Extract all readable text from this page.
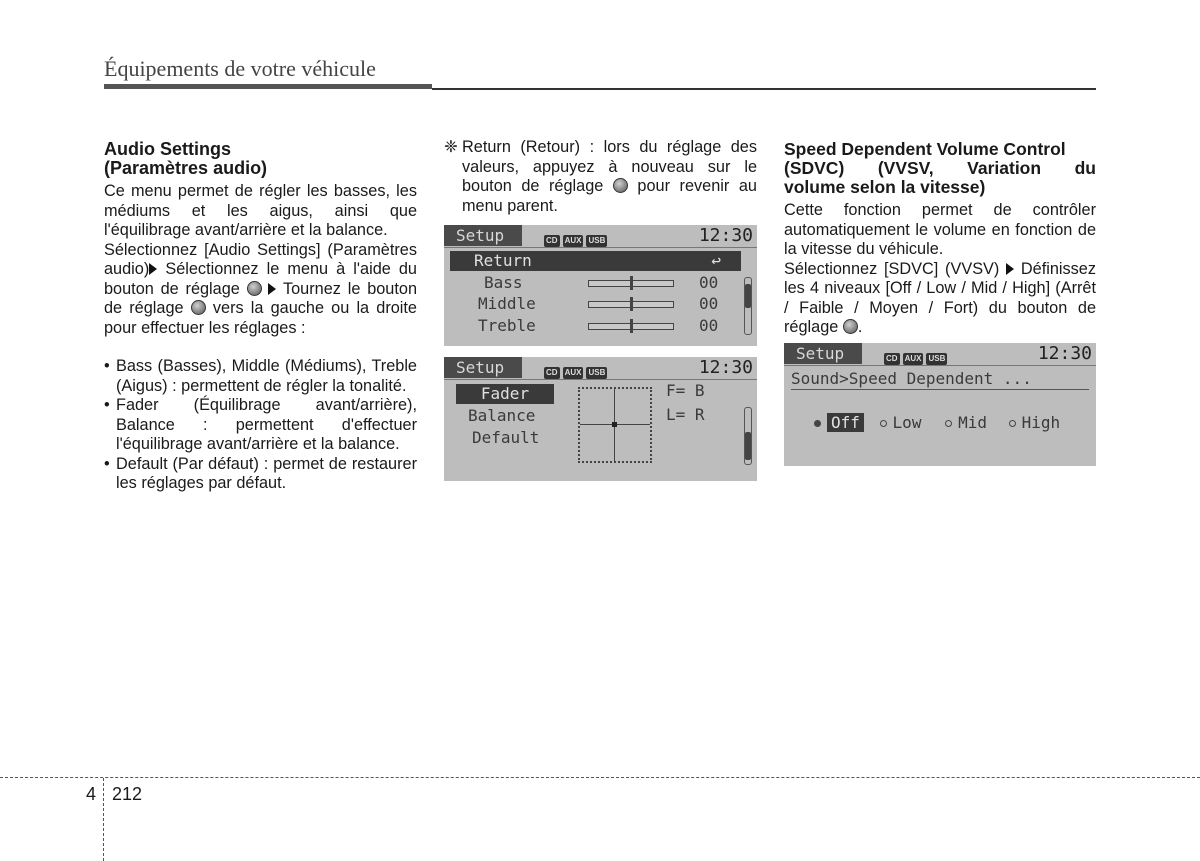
Équipements de votre véhicule
Audio Settings
(Paramètres audio)

Ce menu permet de régler les basses, les médiums et les aigus, ainsi que l'équilibrage avant/arrière et la balance.

Sélectionnez [Audio Settings] (Paramètres audio) Sélectionnez le menu à l'aide du bouton de réglage   Tournez le bouton de réglage  vers la gauche ou la droite pour effectuer les réglages :

• Bass (Basses), Middle (Médiums), Treble (Aigus) : permettent de régler la tonalité.
• Fader (Équilibrage avant/arrière), Balance : permettent d'effectuer l'équilibrage avant/arrière et la balance.
• Default (Par défaut) : permet de restaurer les réglages par défaut.
❈ Return (Retour) : lors du réglage des valeurs, appuyez à nouveau sur le bouton de réglage  pour revenir au menu parent.
Setup	CD AUX USB	12:30
Return	↩
Bass	00
Middle	00
Treble	00
Setup	CD AUX USB	12:30
Fader
Balance
Default
F= B
L= R
Speed Dependent Volume Control
(SDVC) (VVSV, Variation du
volume selon la vitesse)

Cette fonction permet de contrôler automatiquement le volume en fonction de la vitesse du véhicule.

Sélectionnez [SDVC] (VVSV)  Définissez les 4 niveaux [Off / Low / Mid / High] (Arrêt / Faible / Moyen / Fort) du bouton de réglage .

Setup	CD AUX USB	12:30
Sound>Speed Dependent ...
Off Low Mid High
4 212
